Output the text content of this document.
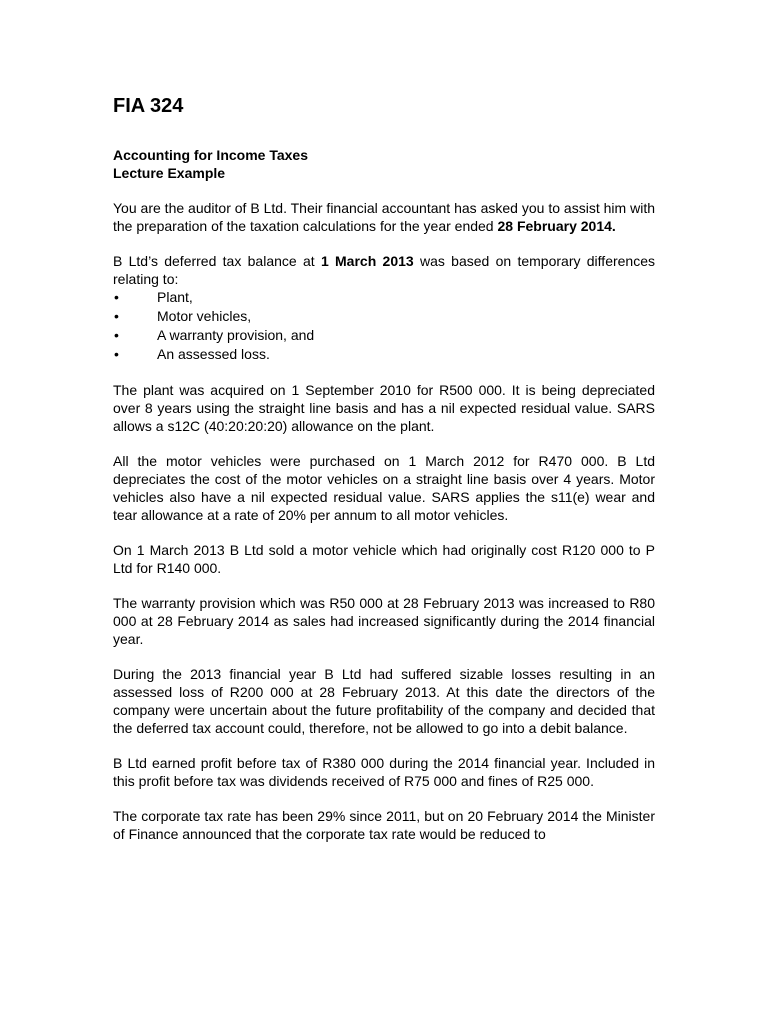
FIA 324
Accounting for Income Taxes
Lecture Example

You are the auditor of B Ltd. Their financial accountant has asked you to assist him with the preparation of the taxation calculations for the year ended 28 February 2014.

B Ltd’s deferred tax balance at 1 March 2013 was based on temporary differences relating to:

•	Plant,
•	Motor vehicles,
•	A warranty provision, and
•	An assessed loss.

The plant was acquired on 1 September 2010 for R500 000. It is being depreciated over 8 years using the straight line basis and has a nil expected residual value. SARS allows a s12C (40:20:20:20) allowance on the plant.

All the motor vehicles were purchased on 1 March 2012 for R470 000. B Ltd depreciates the cost of the motor vehicles on a straight line basis over 4 years. Motor vehicles also have a nil expected residual value. SARS applies the s11(e) wear and tear allowance at a rate of 20% per annum to all motor vehicles.

On 1 March 2013 B Ltd sold a motor vehicle which had originally cost R120 000 to P Ltd for R140 000.

The warranty provision which was R50 000 at 28 February 2013 was increased to R80 000 at 28 February 2014 as sales had increased significantly during the 2014 financial year.

During the 2013 financial year B Ltd had suffered sizable losses resulting in an assessed loss of R200 000 at 28 February 2013. At this date the directors of the company were uncertain about the future profitability of the company and decided that the deferred tax account could, therefore, not be allowed to go into a debit balance.

B Ltd earned profit before tax of R380 000 during the 2014 financial year. Included in this profit before tax was dividends received of R75 000 and fines of R25 000.

The corporate tax rate has been 29% since 2011, but on 20 February 2014 the Minister of Finance announced that the corporate tax rate would be reduced to
